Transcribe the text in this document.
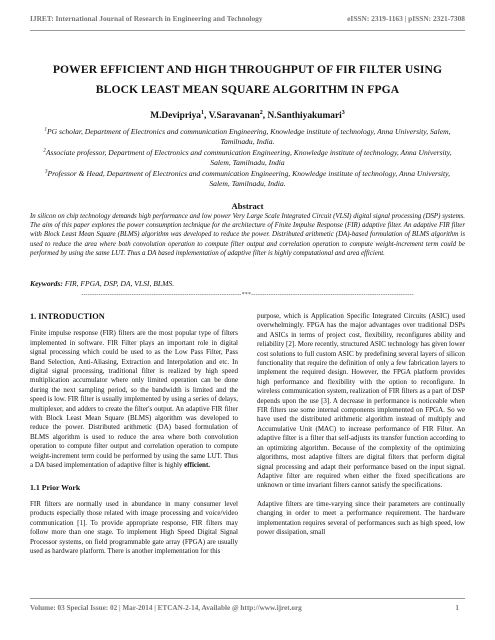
IJRET: International Journal of Research in Engineering and Technology	eISSN: 2319-1163 | pISSN: 2321-7308
POWER EFFICIENT AND HIGH THROUGHPUT OF FIR FILTER USING
BLOCK LEAST MEAN SQUARE ALGORITHM IN FPGA
M.Devipriya$^1$, V.Saravanan$^2$, N.Santhiyakumari$^3$

$^1$PG scholar, Department of Electronics and communication Engineering, Knowledge institute of technology, Anna University, Salem, Tamilnadu, India.

$^2$Associate professor, Department of Electronics and communication Engineering, Knowledge institute of technology, Anna University, Salem, Tamilnadu, India

$^3$Professor & Head, Department of Electronics and communication Engineering, Knowledge institute of technology, Anna University, Salem, Tamilnadu, India.

Abstract
In silicon on chip technology demands high performance and low power Very Large Scale Integrated Circuit (VLSI) digital signal processing (DSP) systems. The aim of this paper explores the power consumption technique for the architecture of Finite Impulse Response (FIR) adaptive filter. An adaptive FIR filter with Block Least Mean Square (BLMS) algorithm was developed to reduce the power. Distributed arithmetic (DA)-based formulation of BLMS algorithm is used to reduce the area where both convolution operation to compute filter output and correlation operation to compute weight-increment term could be performed by using the same LUT. Thus a DA based implementation of adaptive filter is highly computational and area efficient.
Keywords: FIR, FPGA, DSP, DA, VLSI, BLMS.
-------------------------------------------------------------------------***--------------------------------------------------------------------------
1. INTRODUCTION

Finite impulse response (FIR) filters are the most popular type of filters implemented in software. FIR Filter plays an important role in digital signal processing which could be used to as the Low Pass Filter, Pass Band Selection, Anti-Aliasing, Extraction and Interpolation and etc. In digital signal processing, traditional filter is realized by high speed multiplication accumulator where only limited operation can be done during the next sampling period, so the bandwidth is limited and the speed is low. FIR filter is usually implemented by using a series of delays, multiplexer, and adders to create the filter's output. An adaptive FIR filter with Block Least Mean Square (BLMS) algorithm was developed to reduce the power. Distributed arithmetic (DA) based formulation of BLMS algorithm is used to reduce the area where both convolution operation to compute filter output and correlation operation to compute weight-increment term could be performed by using the same LUT. Thus a DA based implementation of adaptive filter is highly efficient.

1.1 Prior Work

FIR filters are normally used in abundance in many consumer level products especially those related with image processing and voice/video communication [1]. To provide appropriate response, FIR filters may follow more than one stage. To implement High Speed Digital Signal Processor systems, on field programmable gate array (FPGA) are usually used as hardware platform. There is another implementation for this

purpose, which is Application Specific Integrated Circuits (ASIC) used overwhelmingly. FPGA has the major advantages over traditional DSPs and ASICs in terms of project cost, flexibility, reconfigures ability and reliability [2]. More recently, structured ASIC technology has given lower cost solutions to full custom ASIC by predefining several layers of silicon functionality that require the definition of only a few fabrication layers to implement the required design. However, the FPGA platform provides high performance and flexibility with the option to reconfigure. In wireless communication system, realization of FIR filters as a part of DSP depends upon the use [3]. A decrease in performance is noticeable when FIR filters use some internal components implemented on FPGA. So we have used the distributed arithmetic algorithm instead of multiply and Accumulative Unit (MAC) to increase performance of FIR Filter. An adaptive filter is a filter that self-adjusts its transfer function according to an optimizing algorithm. Because of the complexity of the optimizing algorithms, most adaptive filters are digital filters that perform digital signal processing and adapt their performance based on the input signal. Adaptive filter are required when either the fixed specifications are unknown or time invariant filters cannot satisfy the specifications.

Adaptive filters are time-varying since their parameters are continually changing in order to meet a performance requirement. The hardware implementation requires several of performances such as high speed, low power dissipation, small

Volume: 03 Special Issue: 02 | Mar-2014 | ETCAN-2-14, Available @ http://www.ijret.org	1
